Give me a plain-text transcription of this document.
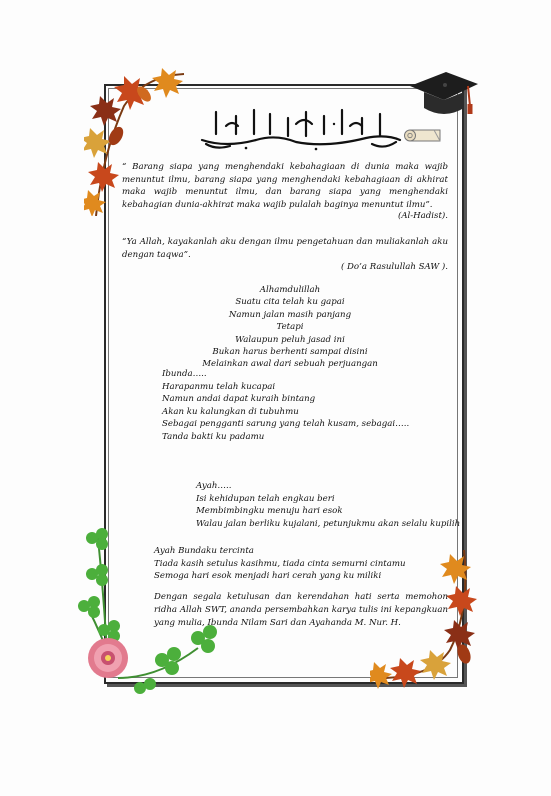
“ Barang siapa yang menghendaki kebahagiaan di dunia maka wajib menuntut ilmu, barang siapa yang menghendaki kebahagiaan di akhirat maka wajib menuntut ilmu, dan barang siapa yang menghendaki kebahagian dunia-akhirat maka wajib pulalah baginya menuntut ilmu”.

(Al-Hadist).

“Ya Allah, kayakanlah aku dengan ilmu pengetahuan dan muliakanlah aku dengan taqwa”.

( Do’a Rasulullah SAW ).

Alhamdulillah
Suatu cita telah ku gapai
Namun jalan masih panjang
Tetapi
Walaupun peluh jasad ini
Bukan harus berhenti sampai disini
Melainkan awal dari sebuah perjuangan
Ibunda…..
Harapanmu telah kucapai
Namun andai dapat kuraih bintang
Akan ku kalungkan di tubuhmu
Sebagai pengganti sarung yang telah kusam, sebagai…..
Tanda bakti ku padamu
Ayah…..
Isi kehidupan telah engkau beri
Membimbingku menuju hari esok
Walau jalan berliku kujalani, petunjukmu akan selalu kupilih
Ayah Bundaku tercinta
Tiada kasih setulus kasihmu, tiada cinta semurni cintamu
Semoga hari esok menjadi hari cerah yang ku miliki

Dengan segala ketulusan dan kerendahan hati serta memohon ridha Allah SWT, ananda persembahkan karya tulis ini kepangkuan yang mulia, Ibunda Nilam Sari dan Ayahanda M. Nur. H.
